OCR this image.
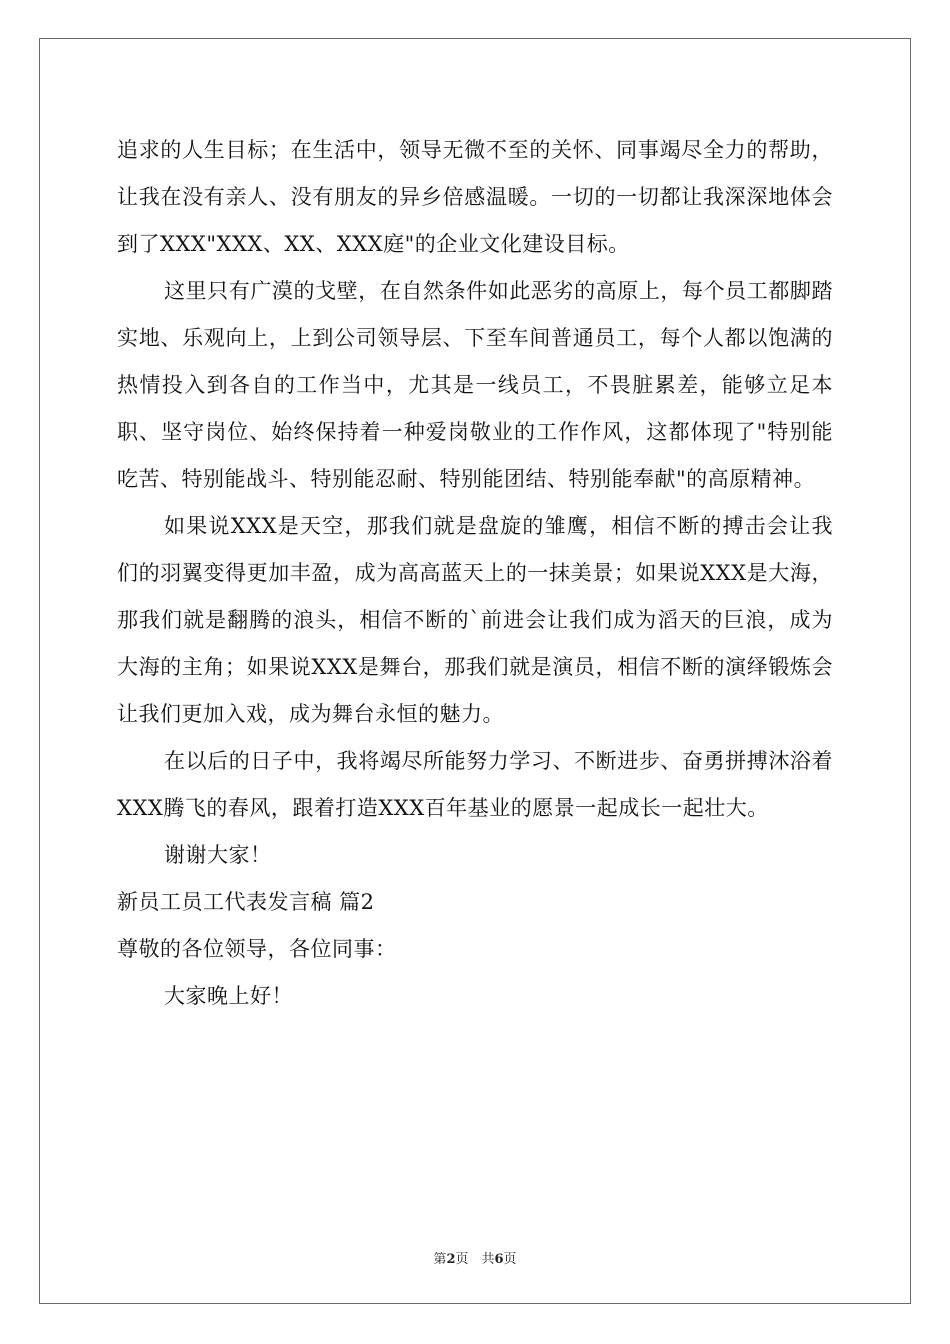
追求的人生目标；在生活中，领导无微不至的关怀、同事竭尽全力的帮助，让我在没有亲人、没有朋友的异乡倍感温暖。一切的一切都让我深深地体会到了XXX"XXX、XX、XXX庭"的企业文化建设目标。

这里只有广漠的戈壁，在自然条件如此恶劣的高原上，每个员工都脚踏实地、乐观向上，上到公司领导层、下至车间普通员工，每个人都以饱满的热情投入到各自的工作当中，尤其是一线员工，不畏脏累差，能够立足本职、坚守岗位、始终保持着一种爱岗敬业的工作作风，这都体现了"特别能吃苦、特别能战斗、特别能忍耐、特别能团结、特别能奉献"的高原精神。

如果说XXX是天空，那我们就是盘旋的雏鹰，相信不断的搏击会让我们的羽翼变得更加丰盈，成为高高蓝天上的一抹美景；如果说XXX是大海，那我们就是翻腾的浪头，相信不断的`前进会让我们成为滔天的巨浪，成为大海的主角；如果说XXX是舞台，那我们就是演员，相信不断的演绎锻炼会让我们更加入戏，成为舞台永恒的魅力。

在以后的日子中，我将竭尽所能努力学习、不断进步、奋勇拼搏沐浴着XXX腾飞的春风，跟着打造XXX百年基业的愿景一起成长一起壮大。

谢谢大家！

新员工员工代表发言稿 篇2

尊敬的各位领导，各位同事：

大家晚上好！

第2页　共6页
